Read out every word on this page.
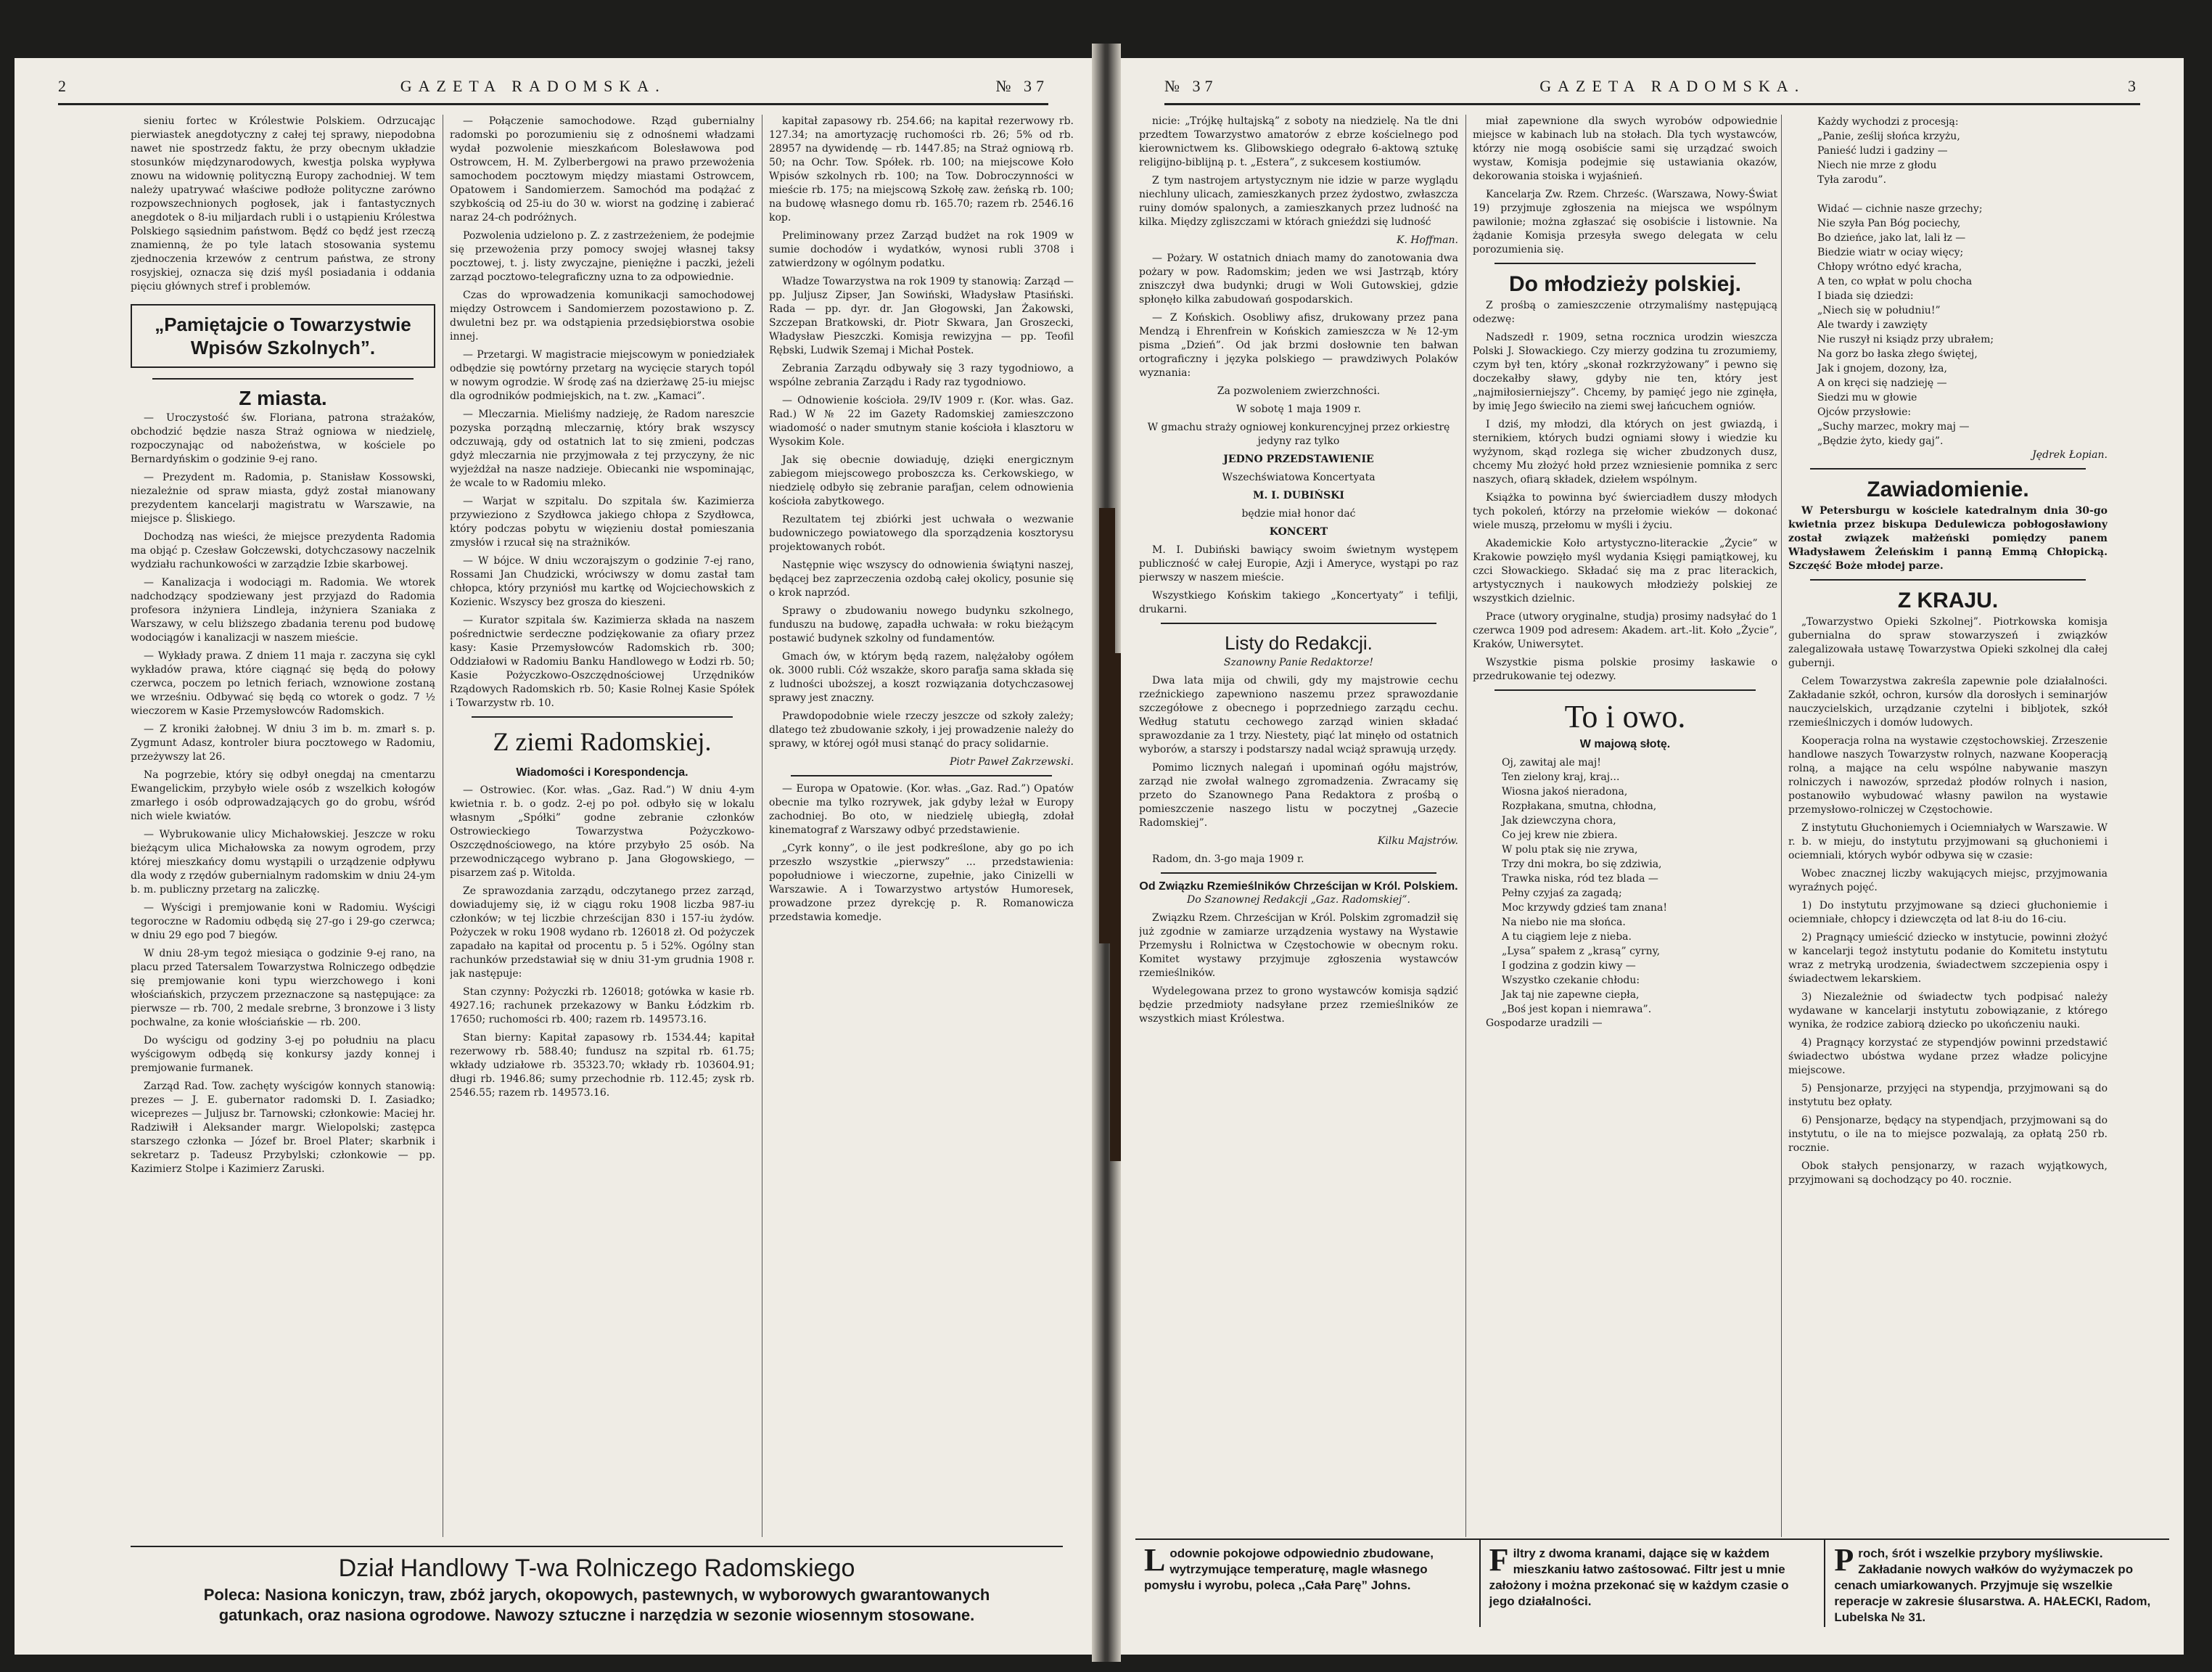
2	GAZETA RADOMSKA.	№ 37

sieniu fortec w Królestwie Polskiem. Odrzucając pierwiastek anegdotyczny z całej tej sprawy, niepodobna nawet nie spostrzedz faktu, że przy obecnym układzie stosunków międzynarodowych, kwestja polska wypływa znowu na widownię polityczną Europy zachodniej. W tem należy upatrywać właściwe podłoże polityczne zarówno rozpowszechnionych pogłosek, jak i fantastycznych anegdotek o 8-iu miljardach rubli i o ustąpieniu Królestwa Polskiego sąsiednim państwom. Będź co będź jest rzeczą znamienną, że po tyle latach stosowania systemu zjednoczenia krzewów z centrum państwa, ze strony rosyjskiej, oznacza się dziś myśl posiadania i oddania pięciu głównych stref i problemów.

„Pamiętajcie o Towarzystwie Wpisów Szkolnych”.
Z miasta.

— Uroczystość św. Floriana, patrona strażaków, obchodzić będzie nasza Straż ogniowa w niedzielę, rozpoczynając od nabożeństwa, w kościele po Bernardyńskim o godzinie 9-ej rano.

— Prezydent m. Radomia, p. Stanisław Kossowski, niezależnie od spraw miasta, gdyż został mianowany prezydentem kancelarji magistratu w Warszawie, na miejsce p. Śliskiego.

Dochodzą nas wieści, że miejsce prezydenta Radomia ma objąć p. Czesław Gołczewski, dotychczasowy naczelnik wydziału rachunkowości w zarządzie Izbie skarbowej.

— Kanalizacja i wodociągi m. Radomia. We wtorek nadchodzący spodziewany jest przyjazd do Radomia profesora inżyniera Lindleja, inżyniera Szaniaka z Warszawy, w celu bliższego zbadania terenu pod budowę wodociągów i kanalizacji w naszem mieście.

— Wykłady prawa. Z dniem 11 maja r. zaczyna się cykl wykładów prawa, które ciągnąć się będą do połowy czerwca, poczem po letnich feriach, wznowione zostaną we wrześniu. Odbywać się będą co wtorek o godz. 7 ½ wieczorem w Kasie Przemysłowców Radomskich.

— Z kroniki żałobnej. W dniu 3 im b. m. zmarł s. p. Zygmunt Adasz, kontroler biura pocztowego w Radomiu, przeżywszy lat 26.

Na pogrzebie, który się odbył onegdaj na cmentarzu Ewangelickim, przybyło wiele osób z wszelkich kołogów zmarłego i osób odprowadzających go do grobu, wśród nich wiele kwiatów.

— Wybrukowanie ulicy Michałowskiej. Jeszcze w roku bieżącym ulica Michałowska za nowym ogrodem, przy której mieszkańcy domu wystąpili o urządzenie odpływu dla wody z rzędów gubernialnym radomskim w dniu 24-ym b. m. publiczny przetarg na zaliczkę.

— Wyścigi i premjowanie koni w Radomiu. Wyścigi tegoroczne w Radomiu odbędą się 27-go i 29-go czerwca; w dniu 29 ego pod 7 biegów.

W dniu 28-ym tegoż miesiąca o godzinie 9-ej rano, na placu przed Tatersalem Towarzystwa Rolniczego odbędzie się premjowanie koni typu wierzchowego i koni włościańskich, przyczem przeznaczone są następujące: za pierwsze — rb. 700, 2 medale srebrne, 3 bronzowe i 3 listy pochwalne, za konie włościańskie — rb. 200.

Do wyścigu od godziny 3-ej po południu na placu wyścigowym odbędą się konkursy jazdy konnej i premjowanie furmanek.

Zarząd Rad. Tow. zachęty wyścigów konnych stanowią: prezes — J. E. gubernator radomski D. I. Zasiadko; wiceprezes — Juljusz br. Tarnowski; członkowie: Maciej hr. Radziwiłł i Aleksander margr. Wielopolski; zastępca starszego członka — Józef br. Broel Plater; skarbnik i sekretarz p. Tadeusz Przybylski; członkowie — pp. Kazimierz Stolpe i Kazimierz Zaruski.

— Połączenie samochodowe. Rząd gubernialny radomski po porozumieniu się z odnośnemi władzami wydał pozwolenie mieszkańcom Bolesławowa pod Ostrowcem, H. M. Zylberbergowi na prawo przewożenia samochodem pocztowym między miastami Ostrowcem, Opatowem i Sandomierzem. Samochód ma podążać z szybkością od 25-iu do 30 w. wiorst na godzinę i zabierać naraz 24-ch podróżnych.

Pozwolenia udzielono p. Z. z zastrzeżeniem, że podejmie się przewożenia przy pomocy swojej własnej taksy pocztowej, t. j. listy zwyczajne, pieniężne i paczki, jeżeli zarząd pocztowo-telegraficzny uzna to za odpowiednie.

Czas do wprowadzenia komunikacji samochodowej między Ostrowcem i Sandomierzem pozostawiono p. Z. dwuletni bez pr. wa odstąpienia przedsiębiorstwa osobie innej.

— Przetargi. W magistracie miejscowym w poniedziałek odbędzie się powtórny przetarg na wycięcie starych topól w nowym ogrodzie. W środę zaś na dzierżawę 25-iu miejsc dla ogrodników podmiejskich, na t. zw. „Kamaci”.

— Mleczarnia. Mieliśmy nadzieję, że Radom nareszcie pozyska porządną mleczarnię, który brak wszyscy odczuwają, gdy od ostatnich lat to się zmieni, podczas gdyż mleczarnia nie przyjmowała z tej przyczyny, że nic wyjeżdżał na nasze nadzieje. Obiecanki nie wspominając, że wcale to w Radomiu mleko.

— Warjat w szpitalu. Do szpitala św. Kazimierza przywieziono z Szydłowca jakiego chłopa z Szydłowca, który podczas pobytu w więzieniu dostał pomieszania zmysłów i rzucał się na strażników.

— W bójce. W dniu wczorajszym o godzinie 7-ej rano, Rossami Jan Chudzicki, wróciwszy w domu zastał tam chłopca, który przyniósł mu kartkę od Wojciechowskich z Kozienic. Wszyscy bez grosza do kieszeni.

— Kurator szpitala św. Kazimierza składa na naszem pośrednictwie serdeczne podziękowanie za ofiary przez kasy: Kasie Przemysłowców Radomskich rb. 300; Oddziałowi w Radomiu Banku Handlowego w Łodzi rb. 50; Kasie Pożyczkowo-Oszczędnościowej Urzędników Rządowych Radomskich rb. 50; Kasie Rolnej Kasie Spółek i Towarzystw rb. 10.

Z ziemi Radomskiej.
Wiadomości i Korespondencja.

— Ostrowiec. (Kor. włas. „Gaz. Rad.”) W dniu 4-ym kwietnia r. b. o godz. 2-ej po poł. odbyło się w lokalu własnym „Spółki” godne zebranie członków Ostrowieckiego Towarzystwa Pożyczkowo-Oszczędnościowego, na które przybyło 25 osób. Na przewodniczącego wybrano p. Jana Głogowskiego, — pisarzem zaś p. Witolda.

Ze sprawozdania zarządu, odczytanego przez zarząd, dowiadujemy się, iż w ciągu roku 1908 liczba 987-iu członków; w tej liczbie chrześcijan 830 i 157-iu żydów. Pożyczek w roku 1908 wydano rb. 126018 zł. Od pożyczek zapadało na kapitał od procentu p. 5 i 52%. Ogólny stan rachunków przedstawiał się w dniu 31-ym grudnia 1908 r. jak następuje:

Stan czynny: Pożyczki rb. 126018; gotówka w kasie rb. 4927.16; rachunek przekazowy w Banku Łódzkim rb. 17650; ruchomości rb. 400; razem rb. 149573.16.

Stan bierny: Kapitał zapasowy rb. 1534.44; kapitał rezerwowy rb. 588.40; fundusz na szpital rb. 61.75; wkłady udziałowe rb. 35323.70; wkłady rb. 103604.91; długi rb. 1946.86; sumy przechodnie rb. 112.45; zysk rb. 2546.55; razem rb. 149573.16.

kapitał zapasowy rb. 254.66; na kapitał rezerwowy rb. 127.34; na amortyzację ruchomości rb. 26; 5% od rb. 28957 na dywidendę — rb. 1447.85; na Straż ogniową rb. 50; na Ochr. Tow. Spółek. rb. 100; na miejscowe Koło Wpisów szkolnych rb. 100; na Tow. Dobroczynności w mieście rb. 175; na miejscową Szkołę zaw. żeńską rb. 100; na budowę własnego domu rb. 165.70; razem rb. 2546.16 kop.

Preliminowany przez Zarząd budżet na rok 1909 w sumie dochodów i wydatków, wynosi rubli 3708 i zatwierdzony w ogólnym podatku.

Władze Towarzystwa na rok 1909 ty stanowią: Zarząd — pp. Juljusz Zipser, Jan Sowiński, Władysław Ptasiński. Rada — pp. dyr. dr. Jan Głogowski, Jan Żakowski, Szczepan Bratkowski, dr. Piotr Skwara, Jan Groszecki, Władysław Pieszczki. Komisja rewizyjna — pp. Teofil Rębski, Ludwik Szemaj i Michał Postek.

Zebrania Zarządu odbywały się 3 razy tygodniowo, a wspólne zebrania Zarządu i Rady raz tygodniowo.

— Odnowienie kościoła. 29/IV 1909 r. (Kor. włas. Gaz. Rad.) W № 22 im Gazety Radomskiej zamieszczono wiadomość o nader smutnym stanie kościoła i klasztoru w Wysokim Kole.

Jak się obecnie dowiaduję, dzięki energicznym zabiegom miejscowego proboszcza ks. Cerkowskiego, w niedzielę odbyło się zebranie parafjan, celem odnowienia kościoła zabytkowego.

Rezultatem tej zbiórki jest uchwała o wezwanie budowniczego powiatowego dla sporządzenia kosztorysu projektowanych robót.

Następnie więc wszyscy do odnowienia świątyni naszej, będącej bez zaprzeczenia ozdobą całej okolicy, posunie się o krok naprzód.

Sprawy o zbudowaniu nowego budynku szkolnego, funduszu na budowę, zapadła uchwała: w roku bieżącym postawić budynek szkolny od fundamentów.

Gmach ów, w którym będą razem, nalężałoby ogółem ok. 3000 rubli. Cóż wszakże, skoro parafja sama składa się z ludności uboższej, a koszt rozwiązania dotychczasowej sprawy jest znaczny.

Prawdopodobnie wiele rzeczy jeszcze od szkoły zależy; dlatego też zbudowanie szkoły, i jej prowadzenie należy do sprawy, w której ogół musi stanąć do pracy solidarnie.

Piotr Paweł Zakrzewski.

— Europa w Opatowie. (Kor. włas. „Gaz. Rad.”) Opatów obecnie ma tylko rozrywek, jak gdyby leżał w Europy zachodniej. Bo oto, w niedzielę ubiegłą, zdołał kinematograf z Warszawy odbyć przedstawienie.

„Cyrk konny”, o ile jest podkreślone, aby go po ich przeszło wszystkie „pierwszy” ... przedstawienia: popołudniowe i wieczorne, zupełnie, jako Cinizelli w Warszawie. A i Towarzystwo artystów Humoresek, prowadzone przez dyrekcję p. R. Romanowicza przedstawia komedje.

Dział Handlowy T-wa Rolniczego Radomskiego
Poleca: Nasiona koniczyn, traw, zbóż jarych, okopowych, pastewnych, w wyborowych gwarantowanych
gatunkach, oraz nasiona ogrodowe. Nawozy sztuczne i narzędzia w sezonie wiosennym stosowane.
№ 37	GAZETA RADOMSKA.	3

nicie: „Trójkę hultajską” z soboty na niedzielę. Na tle dni przedtem Towarzystwo amatorów z ebrze kościelnego pod kierownictwem ks. Glibowskiego odegrało 6-aktową sztukę religijno-biblijną p. t. „Estera”, z sukcesem kostiumów.

Z tym nastrojem artystycznym nie idzie w parze wyglądu niechluny ulicach, zamieszkanych przez żydostwo, zwłaszcza ruiny domów spalonych, a zamieszkanych przez ludność na kilka. Między zgliszczami w którach gnieździ się ludność

K. Hoffman.

— Pożary. W ostatnich dniach mamy do zanotowania dwa pożary w pow. Radomskim; jeden we wsi Jastrząb, który zniszczył dwa budynki; drugi w Woli Gutowskiej, gdzie spłonęło kilka zabudowań gospodarskich.

— Z Końskich. Osobliwy afisz, drukowany przez pana Mendzą i Ehrenfrein w Końskich zamieszcza w № 12-ym pisma „Dzień”. Od jak brzmi dosłownie ten bałwan ortograficzny i języka polskiego — prawdziwych Polaków wyznania:

Za pozwoleniem zwierzchności.

W sobotę 1 maja 1909 r.

W gmachu straży ogniowej konkurencyjnej przez orkiestrę jedyny raz tylko

JEDNO PRZEDSTAWIENIE

Wszechświatowa Koncertyata

M. I. DUBIŃSKI

będzie miał honor dać

KONCERT

M. I. Dubiński bawiący swoim świetnym występem publiczność w całej Europie, Azji i Ameryce, wystąpi po raz pierwszy w naszem mieście.

Wszystkiego Końskim takiego „Koncertyaty” i tefilji, drukarni.

Listy do Redakcji.

Szanowny Panie Redaktorze!

Dwa lata mija od chwili, gdy my majstrowie cechu rzeźnickiego zapewniono naszemu przez sprawozdanie szczegółowe z obecnego i poprzedniego zarządu cechu. Według statutu cechowego zarząd winien składać sprawozdanie za 1 trzy. Niestety, piąć lat minęło od ostatnich wyborów, a starszy i podstarszy nadal wciąż sprawują urzędy.

Pomimo licznych nalegań i upominań ogółu majstrów, zarząd nie zwołał walnego zgromadzenia. Zwracamy się przeto do Szanownego Pana Redaktora z prośbą o pomieszczenie naszego listu w poczytnej „Gazecie Radomskiej”.

Kilku Majstrów.

Radom, dn. 3-go maja 1909 r.

Od Związku Rzemieślników Chrześcijan w Król. Polskiem.

Do Szanownej Redakcji „Gaz. Radomskiej”.

Związku Rzem. Chrześcijan w Król. Polskim zgromadził się już zgodnie w zamiarze urządzenia wystawy na Wystawie Przemysłu i Rolnictwa w Częstochowie w obecnym roku. Komitet wystawy przyjmuje zgłoszenia wystawców rzemieślników.

Wydelegowana przez to grono wystawców komisja sądzić będzie przedmioty nadsyłane przez rzemieślników ze wszystkich miast Królestwa.

miał zapewnione dla swych wyrobów odpowiednie miejsce w kabinach lub na stołach. Dla tych wystawców, którzy nie mogą osobiście sami się urządzać swoich wystaw, Komisja podejmie się ustawiania okazów, dekorowania stoiska i wyjaśnień.

Kancelarja Zw. Rzem. Chrześc. (Warszawa, Nowy-Świat 19) przyjmuje zgłoszenia na miejsca we wspólnym pawilonie; można zgłaszać się osobiście i listownie. Na żądanie Komisja przesyła swego delegata w celu porozumienia się.

Do młodzieży polskiej.

Z prośbą o zamieszczenie otrzymaliśmy następującą odezwę:

Nadszedł r. 1909, setna rocznica urodzin wieszcza Polski J. Słowackiego. Czy mierzy godzina tu zrozumiemy, czym był ten, który „skonał rozkrzyżowany” i pewno się doczekałby sławy, gdyby nie ten, który jest „najmiłosierniejszy”. Chcemy, by pamięć jego nie zginęła, by imię Jego świeciło na ziemi swej łańcuchem ogniów.

I dziś, my młodzi, dla których on jest gwiazdą, i sternikiem, których budzi ogniami słowy i wiedzie ku wyżynom, skąd rozlega się wicher zbudzonych dusz, chcemy Mu złożyć hołd przez wzniesienie pomnika z serc naszych, ofiarą składek, dziełem wspólnym.

Książka to powinna być świerciadłem duszy młodych tych pokoleń, którzy na przełomie wieków — dokonać wiele muszą, przełomu w myśli i życiu.

Akademickie Koło artystyczno-literackie „Życie” w Krakowie powzięło myśl wydania Księgi pamiątkowej, ku czci Słowackiego. Składać się ma z prac literackich, artystycznych i naukowych młodzieży polskiej ze wszystkich dzielnic.

Prace (utwory oryginalne, studja) prosimy nadsyłać do 1 czerwca 1909 pod adresem: Akadem. art.-lit. Koło „Życie”, Kraków, Uniwersytet.

Wszystkie pisma polskie prosimy łaskawie o przedrukowanie tej odezwy.

To i owo.
W majową słotę.
Oj, zawitaj ale maj!
Ten zielony kraj, kraj...
Wiosna jakoś nieradona,
Rozpłakana, smutna, chłodna,
Jak dziewczyna chora,
Co jej krew nie zbiera.
W polu ptak się nie zrywa,
Trzy dni mokra, bo się zdziwia,
Trawka niska, ród tez blada —
Pełny czyjaś za zagadą;
Moc krzywdy gdzieś tam znana!
Na niebo nie ma słońca.
A tu ciągiem leje z nieba.
„Lysa” spałem z „krasą” cyrny,
I godzina z godzin kiwy —
Wszystko czekanie chłodu:
Jak taj nie zapewne ciepła,
„Boś jest kopan i niemrawa”.

Gospodarze uradzili —

Każdy wychodzi z procesją:
„Panie, ześlij słońca krzyżu,
Panieść ludzi i gadziny —
Niech nie mrze z głodu
Tyła zarodu”.

Widać — cichnie nasze grzechy;
Nie szyła Pan Bóg pociechy,
Bo dzieńce, jako lat, lali łz —
Biedzie wiatr w ociay więcy;
Chłopy wrótno edyć kracha,
A ten, co wpłat w polu chocha
I biada się dziedzi:
„Niech się w południu!”
Ale twardy i zawzięty
Nie ruszył ni ksiądz przy ubrałem;
Na gorz bo łaska złego świętej,
Jak i gnojem, dozony, łza,
A on kręci się nadzieję —
Siedzi mu w głowie
Ojców przysłowie:
„Suchy marzec, mokry maj —
„Będzie żyto, kiedy gaj”.

Jędrek Łopian.

Zawiadomienie.

W Petersburgu w kościele katedralnym dnia 30-go kwietnia przez biskupa Dedulewicza pobłogosławiony został związek małżeński pomiędzy panem Władysławem Żeleńskim i panną Emmą Chłopicką. Szczęść Boże młodej parze.

Z KRAJU.

„Towarzystwo Opieki Szkolnej”. Piotrkowska komisja gubernialna do spraw stowarzyszeń i związków zalegalizowała ustawę Towarzystwa Opieki szkolnej dla całej gubernji.

Celem Towarzystwa zakreśla zapewnie pole działalności. Zakładanie szkół, ochron, kursów dla dorosłych i seminarjów nauczycielskich, urządzanie czytelni i bibljotek, szkół rzemieślniczych i domów ludowych.

Kooperacja rolna na wystawie częstochowskiej. Zrzeszenie handlowe naszych Towarzystw rolnych, nazwane Kooperacją rolną, a mające na celu wspólne nabywanie maszyn rolniczych i nawozów, sprzedaż płodów rolnych i nasion, postanowiło wybudować własny pawilon na wystawie przemysłowo-rolniczej w Częstochowie.

Z instytutu Głuchoniemych i Ociemniałych w Warszawie. W r. b. w mieju, do instytutu przyjmowani są głuchoniemi i ociemniali, których wybór odbywa się w czasie:

Wobec znacznej liczby wakujących miejsc, przyjmowania wyraźnych pojęć.

1) Do instytutu przyjmowane są dzieci głuchoniemie i ociemniałe, chłopcy i dziewczęta od lat 8-iu do 16-ciu.

2) Pragnący umieścić dziecko w instytucie, powinni złożyć w kancelarji tegoż instytutu podanie do Komitetu instytutu wraz z metryką urodzenia, świadectwem szczepienia ospy i świadectwem lekarskiem.

3) Niezależnie od świadectw tych podpisać należy wydawane w kancelarji instytutu zobowiązanie, z którego wynika, że rodzice zabiorą dziecko po ukończeniu nauki.

4) Pragnący korzystać ze stypendjów powinni przedstawić świadectwo ubóstwa wydane przez władze policyjne miejscowe.

5) Pensjonarze, przyjęci na stypendja, przyjmowani są do instytutu bez opłaty.

6) Pensjonarze, będący na stypendjach, przyjmowani są do instytutu, o ile na to miejsce pozwalają, za opłatą 250 rb. rocznie.

Obok stałych pensjonarzy, w razach wyjątkowych, przyjmowani są dochodzący po 40. rocznie.

L odownie pokojowe odpowiednio zbudowane, wytrzymujące temperaturę, magle własnego pomysłu i wyrobu, poleca ,,Cała Parę” Johns.
F iltry z dwoma kranami, dające się w każdem mieszkaniu łatwo zaśtosować. Filtr jest u mnie założony i można przekonać się w każdym czasie o jego działalności.
P roch, śrót i wszelkie przybory myśliwskie. Zakładanie nowych wałków do wyżymaczek po cenach umiarkowanych. Przyjmuje się wszelkie reperacje w zakresie ślusarstwa. A. HAŁECKI, Radom, Lubelska № 31.
